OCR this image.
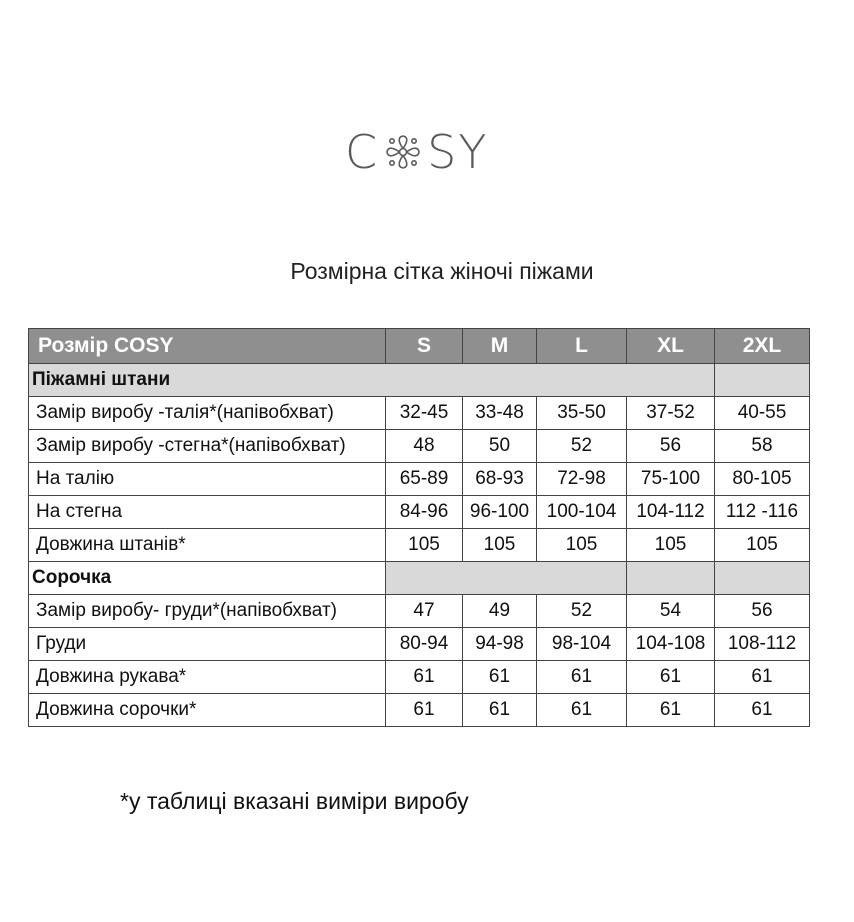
C SY
Розмірна сітка жіночі піжами
Розмір COSY	S	M	L	XL	2XL
Піжамні штани					
Замір виробу -талія*(напівобхват)	32-45	33-48	35-50	37-52	40-55
Замір виробу -стегна*(напівобхват)	48	50	52	56	58
На талію	65-89	68-93	72-98	75-100	80-105
На стегна	84-96	96-100	100-104	104-112	112 -116
Довжина штанів*	105	105	105	105	105
Сорочка					
Замір виробу- груди*(напівобхват)	47	49	52	54	56
Груди	80-94	94-98	98-104	104-108	108-112
Довжина рукава*	61	61	61	61	61
Довжина сорочки*	61	61	61	61	61
*у таблиці вказані виміри виробу
